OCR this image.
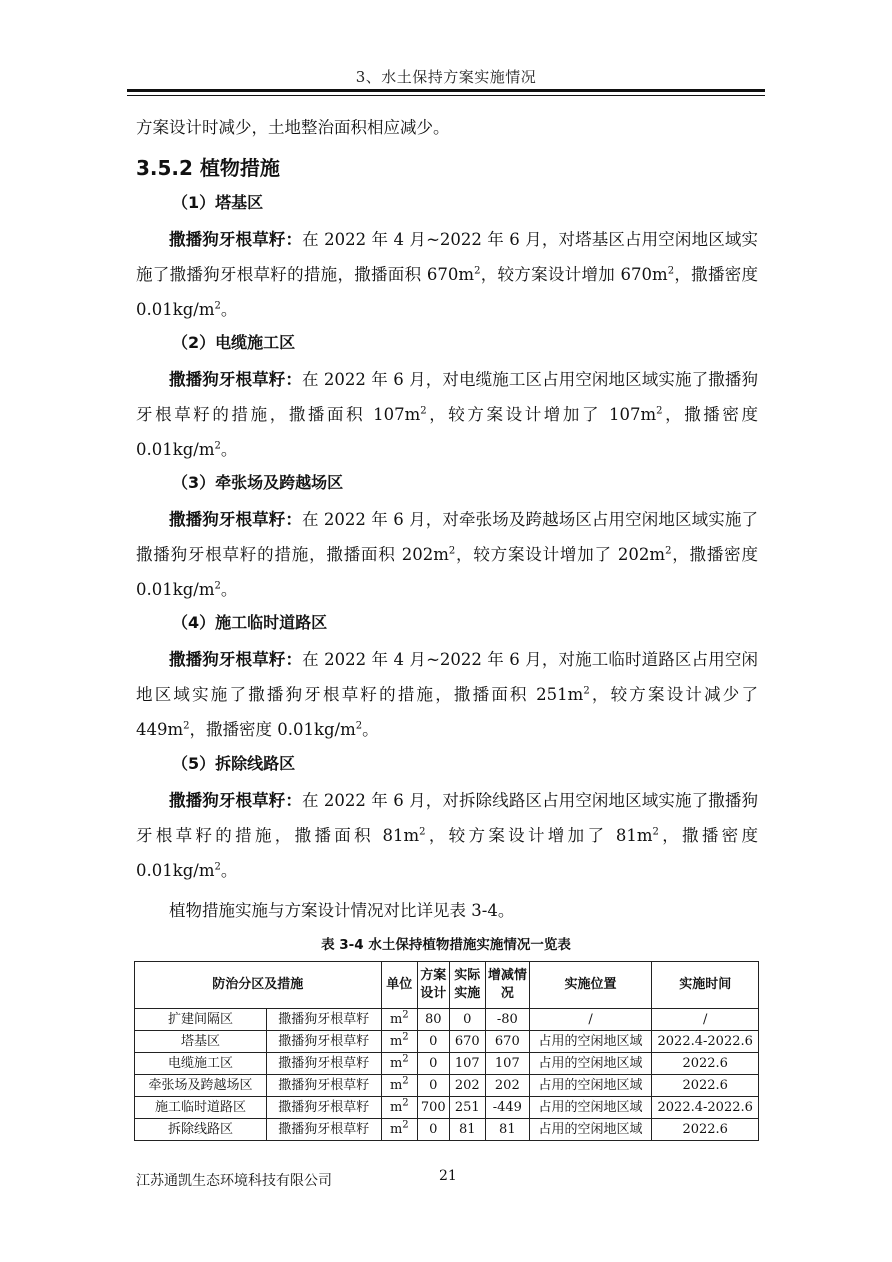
3、水土保持方案实施情况

方案设计时减少，土地整治面积相应减少。

3.5.2 植物措施
（1）塔基区

撒播狗牙根草籽：在 2022 年 4 月~2022 年 6 月，对塔基区占用空闲地区域实施了撒播狗牙根草籽的措施，撒播面积 $670m^2$，较方案设计增加 $670m^2$，撒播密度 $0.01kg/m^2$。

（2）电缆施工区

撒播狗牙根草籽：在 2022 年 6 月，对电缆施工区占用空闲地区域实施了撒播狗牙根草籽的措施，撒播面积 $107m^2$，较方案设计增加了 $107m^2$，撒播密度 $0.01kg/m^2$。

（3）牵张场及跨越场区

撒播狗牙根草籽：在 2022 年 6 月，对牵张场及跨越场区占用空闲地区域实施了撒播狗牙根草籽的措施，撒播面积 $202m^2$，较方案设计增加了 $202m^2$，撒播密度 $0.01kg/m^2$。

（4）施工临时道路区

撒播狗牙根草籽：在 2022 年 4 月~2022 年 6 月，对施工临时道路区占用空闲地区域实施了撒播狗牙根草籽的措施，撒播面积 $251m^2$，较方案设计减少了 $449m^2$，撒播密度 $0.01kg/m^2$。

（5）拆除线路区

撒播狗牙根草籽：在 2022 年 6 月，对拆除线路区占用空闲地区域实施了撒播狗牙根草籽的措施，撒播面积 $81m^2$，较方案设计增加了 $81m^2$，撒播密度 $0.01kg/m^2$。

植物措施实施与方案设计情况对比详见表 3-4。

表 3-4 水土保持植物措施实施情况一览表
防治分区及措施		单位	方案设计	实际实施	增减情况	实施位置	实施时间
扩建间隔区	撒播狗牙根草籽	$m^2$	80	0	-80	/	/
塔基区	撒播狗牙根草籽	$m^2$	0	670	670	占用的空闲地区域	2022.4-2022.6
电缆施工区	撒播狗牙根草籽	$m^2$	0	107	107	占用的空闲地区域	2022.6
牵张场及跨越场区	撒播狗牙根草籽	$m^2$	0	202	202	占用的空闲地区域	2022.6
施工临时道路区	撒播狗牙根草籽	$m^2$	700	251	-449	占用的空闲地区域	2022.4-2022.6
拆除线路区	撒播狗牙根草籽	$m^2$	0	81	81	占用的空闲地区域	2022.6
江苏通凯生态环境科技有限公司	21
